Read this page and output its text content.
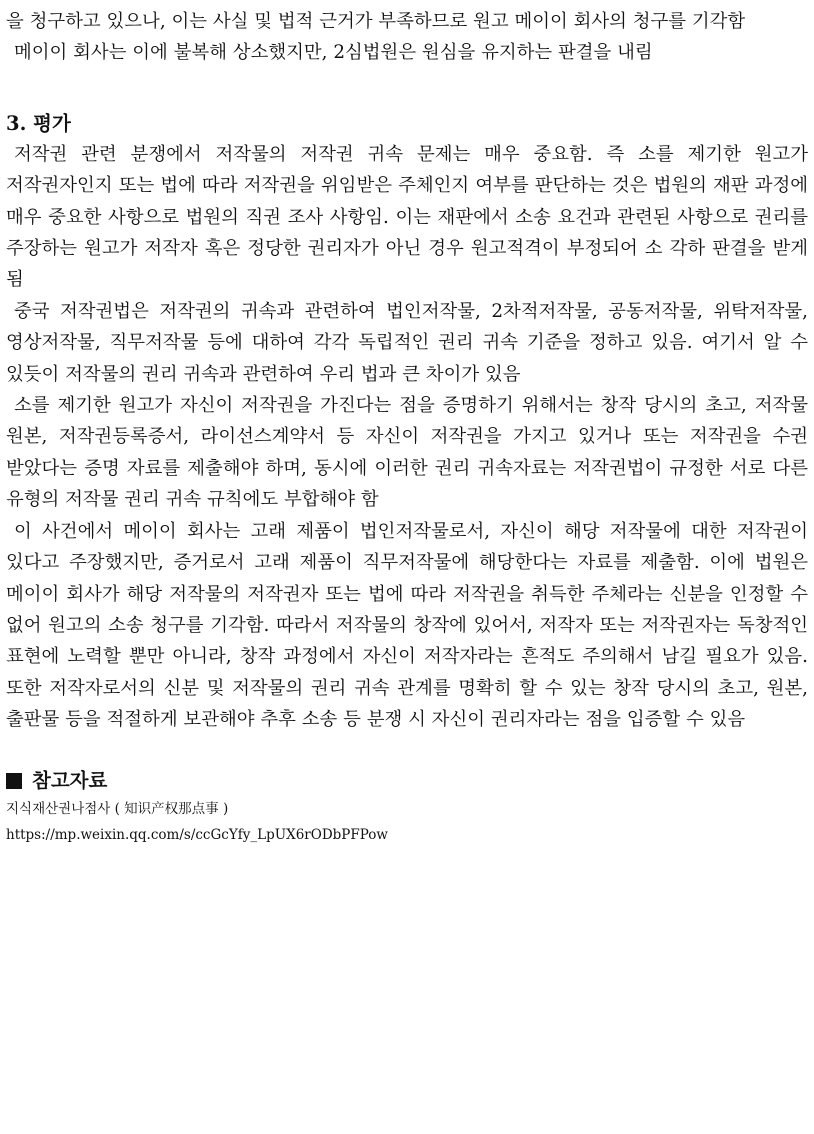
을 청구하고 있으나, 이는 사실 및 법적 근거가 부족하므로 원고 메이이 회사의 청구를 기각함

메이이 회사는 이에 불복해 상소했지만, 2심법원은 원심을 유지하는 판결을 내림

3. 평가

저작권 관련 분쟁에서 저작물의 저작권 귀속 문제는 매우 중요함. 즉 소를 제기한 원고가 저작권자인지 또는 법에 따라 저작권을 위임받은 주체인지 여부를 판단하는 것은 법원의 재판 과정에 매우 중요한 사항으로 법원의 직권 조사 사항임. 이는 재판에서 소송 요건과 관련된 사항으로 권리를 주장하는 원고가 저작자 혹은 정당한 권리자가 아닌 경우 원고적격이 부정되어 소 각하 판결을 받게 됨

중국 저작권법은 저작권의 귀속과 관련하여 법인저작물, 2차적저작물, 공동저작물, 위탁저작물, 영상저작물, 직무저작물 등에 대하여 각각 독립적인 권리 귀속 기준을 정하고 있음. 여기서 알 수 있듯이 저작물의 권리 귀속과 관련하여 우리 법과 큰 차이가 있음

소를 제기한 원고가 자신이 저작권을 가진다는 점을 증명하기 위해서는 창작 당시의 초고, 저작물 원본, 저작권등록증서, 라이선스계약서 등 자신이 저작권을 가지고 있거나 또는 저작권을 수권 받았다는 증명 자료를 제출해야 하며, 동시에 이러한 권리 귀속자료는 저작권법이 규정한 서로 다른 유형의 저작물 권리 귀속 규칙에도 부합해야 함

이 사건에서 메이이 회사는 고래 제품이 법인저작물로서, 자신이 해당 저작물에 대한 저작권이 있다고 주장했지만, 증거로서 고래 제품이 직무저작물에 해당한다는 자료를 제출함. 이에 법원은 메이이 회사가 해당 저작물의 저작권자 또는 법에 따라 저작권을 취득한 주체라는 신분을 인정할 수 없어 원고의 소송 청구를 기각함. 따라서 저작물의 창작에 있어서, 저작자 또는 저작권자는 독창적인 표현에 노력할 뿐만 아니라, 창작 과정에서 자신이 저작자라는 흔적도 주의해서 남길 필요가 있음. 또한 저작자로서의 신분 및 저작물의 권리 귀속 관계를 명확히 할 수 있는 창작 당시의 초고, 원본, 출판물 등을 적절하게 보관해야 추후 소송 등 분쟁 시 자신이 권리자라는 점을 입증할 수 있음

참고자료

지식재산권나점사 ( 知识产权那点事 )

https://mp.weixin.qq.com/s/ccGcYfy_LpUX6rODbPFPow
